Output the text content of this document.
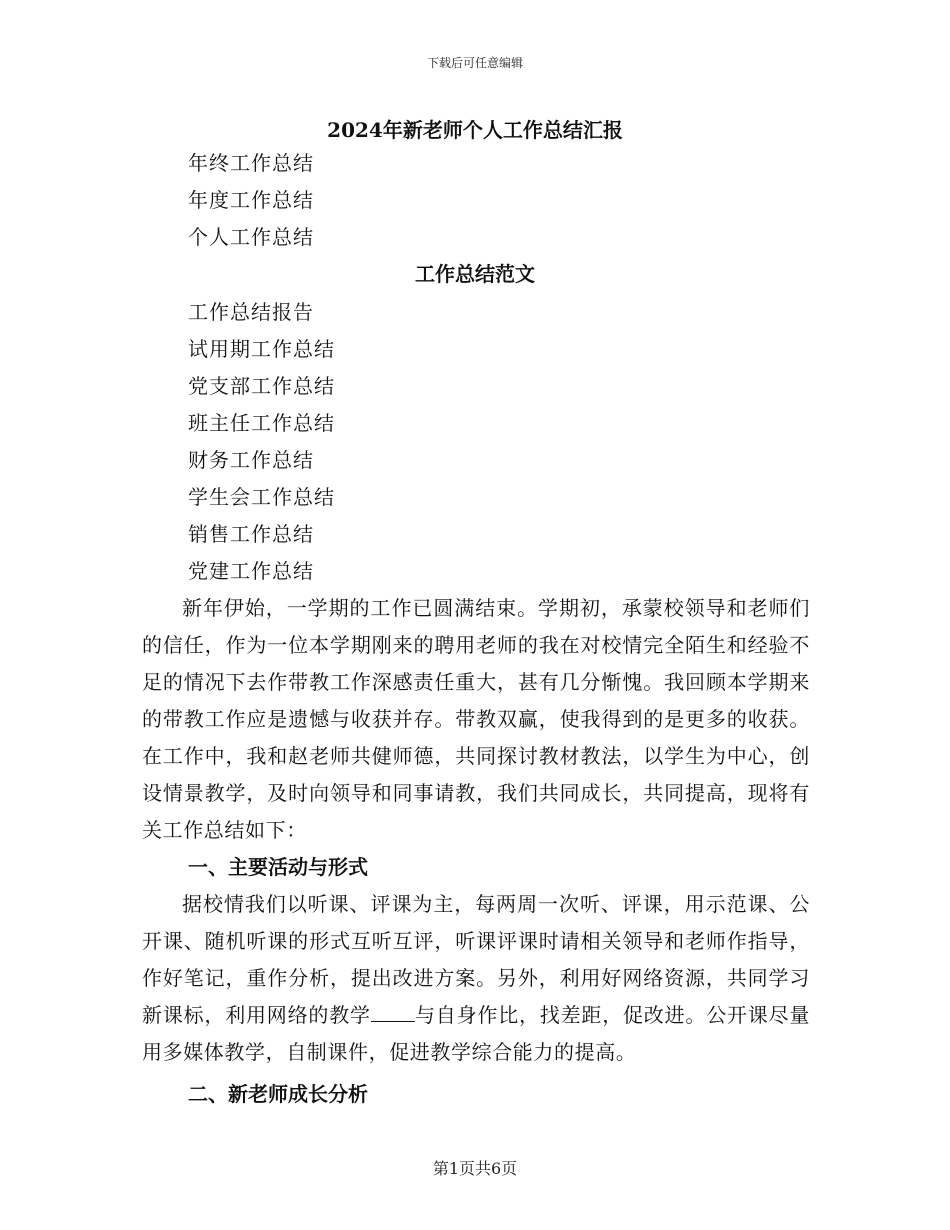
下载后可任意编辑
2024年新老师个人工作总结汇报
年终工作总结
年度工作总结
个人工作总结
工作总结范文
工作总结报告
试用期工作总结
党支部工作总结
班主任工作总结
财务工作总结
学生会工作总结
销售工作总结
党建工作总结

新年伊始，一学期的工作已圆满结束。学期初，承蒙校领导和老师们的信任，作为一位本学期刚来的聘用老师的我在对校情完全陌生和经验不足的情况下去作带教工作深感责任重大，甚有几分惭愧。我回顾本学期来的带教工作应是遗憾与收获并存。带教双赢，使我得到的是更多的收获。在工作中，我和赵老师共健师德，共同探讨教材教法，以学生为中心，创设情景教学，及时向领导和同事请教，我们共同成长，共同提高，现将有关工作总结如下：

一、主要活动与形式

据校情我们以听课、评课为主，每两周一次听、评课，用示范课、公开课、随机听课的形式互听互评，听课评课时请相关领导和老师作指导，作好笔记，重作分析，提出改进方案。另外，利用好网络资源，共同学习新课标，利用网络的教学 与自身作比，找差距，促改进。公开课尽量用多媒体教学，自制课件，促进教学综合能力的提高。

二、新老师成长分析
第1页共6页
